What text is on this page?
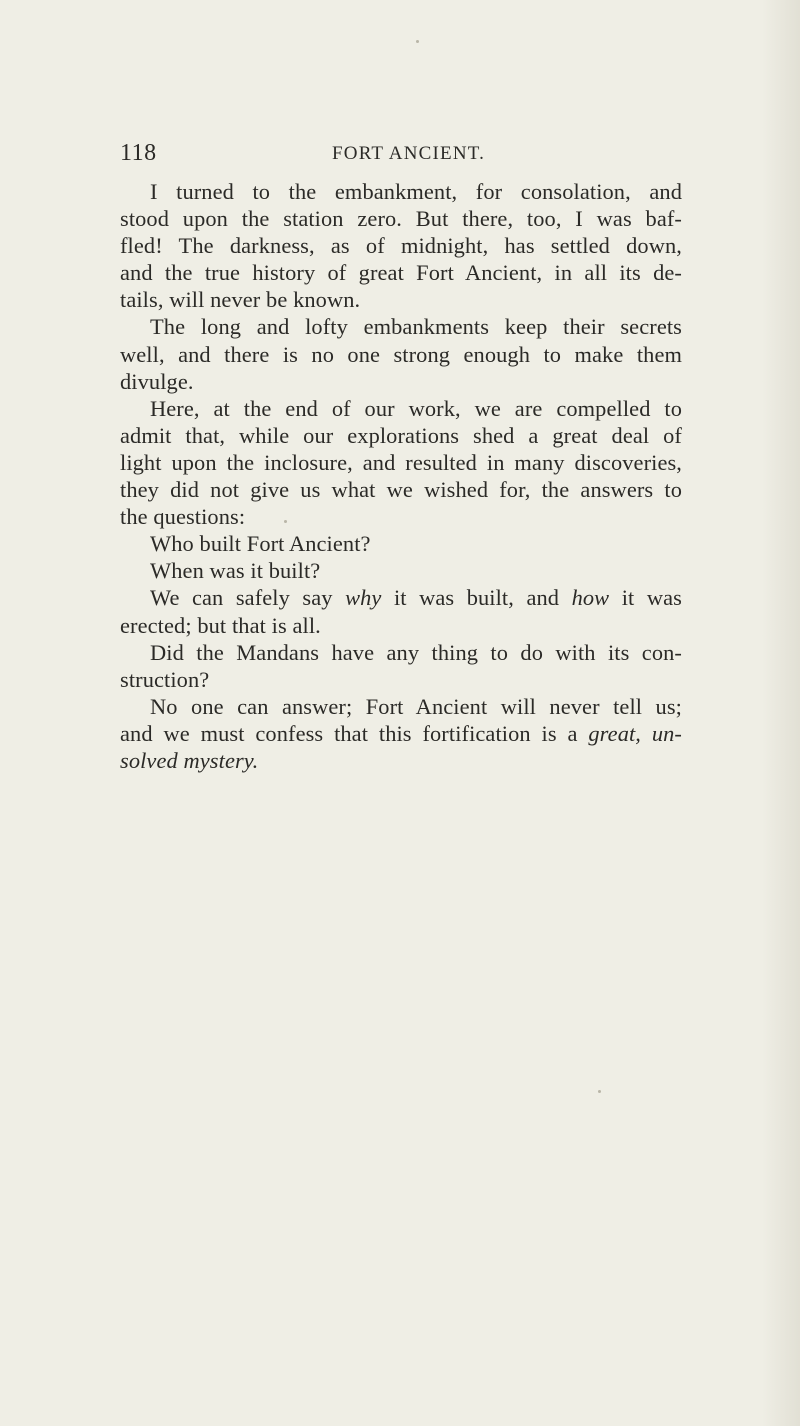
118	FORT ANCIENT.
I turned to the embankment, for consolation, and
stood upon the station zero. But there, too, I was baf-
fled! The darkness, as of midnight, has settled down,
and the true history of great Fort Ancient, in all its de-
tails, will never be known.
The long and lofty embankments keep their secrets
well, and there is no one strong enough to make them
divulge.
Here, at the end of our work, we are compelled to
admit that, while our explorations shed a great deal of
light upon the inclosure, and resulted in many discoveries,
they did not give us what we wished for, the answers to
the questions:
Who built Fort Ancient?
When was it built?
We can safely say why it was built, and how it was
erected; but that is all.
Did the Mandans have any thing to do with its con-
struction?
No one can answer; Fort Ancient will never tell us;
and we must confess that this fortification is a great, un-
solved mystery.
